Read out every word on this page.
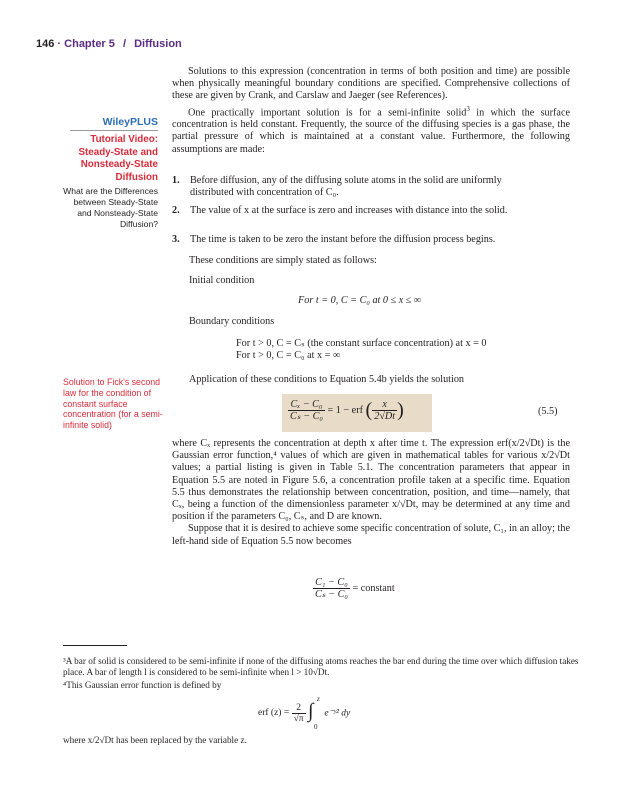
146 · Chapter 5 / Diffusion
WileyPLUS
Tutorial Video: Steady-State and Nonsteady-State Diffusion
What are the Differences between Steady-State and Nonsteady-State Diffusion?

Solutions to this expression (concentration in terms of both position and time) are possible when physically meaningful boundary conditions are specified. Comprehensive collections of these are given by Crank, and Carslaw and Jaeger (see References).

One practically important solution is for a semi-infinite solid$^3$ in which the surface concentration is held constant. Frequently, the source of the diffusing species is a gas phase, the partial pressure of which is maintained at a constant value. Furthermore, the following assumptions are made:

1. Before diffusion, any of the diffusing solute atoms in the solid are uniformly distributed with concentration of C₀.
2. The value of x at the surface is zero and increases with distance into the solid.
3. The time is taken to be zero the instant before the diffusion process begins.
These conditions are simply stated as follows:
Initial condition
For t = 0, C = C₀ at 0 ≤ x ≤ ∞
Boundary conditions
For t > 0, C = Cₛ (the constant surface concentration) at x = 0
For t > 0, C = C₀ at x = ∞
Application of these conditions to Equation 5.4b yields the solution
Solution to Fick's second law for the condition of constant surface concentration (for a semi-infinite solid)
$\frac{\text{Cₓ − C₀}}{\text{Cₛ − C₀}} = 1$ − erf ( $\frac{x}{2√Dt}$ )	(5.5)

where Cₓ represents the concentration at depth x after time t. The expression erf(x/2√Dt) is the Gaussian error function,⁴ values of which are given in mathematical tables for various x/2√Dt values; a partial listing is given in Table 5.1. The concentration parameters that appear in Equation 5.5 are noted in Figure 5.6, a concentration profile taken at a specific time. Equation 5.5 thus demonstrates the relationship between concentration, position, and time—namely, that Cₓ, being a function of the dimensionless parameter x/√Dt, may be determined at any time and position if the parameters C₀, Cₛ, and D are known.

Suppose that it is desired to achieve some specific concentration of solute, C₁, in an alloy; the left-hand side of Equation 5.5 now becomes

$\frac{\text{C₁ − C₀}}{\text{Cₛ − C₀}}$ = constant
³A bar of solid is considered to be semi-infinite if none of the diffusing atoms reaches the bar end during the time over which diffusion takes place. A bar of length l is considered to be semi-infinite when l > 10√Dt.
⁴This Gaussian error function is defined by
erf $(z) = \frac{2}{√\pi}$
∫
z
0
e⁻ʸ² dy
where x/2√Dt has been replaced by the variable z.
